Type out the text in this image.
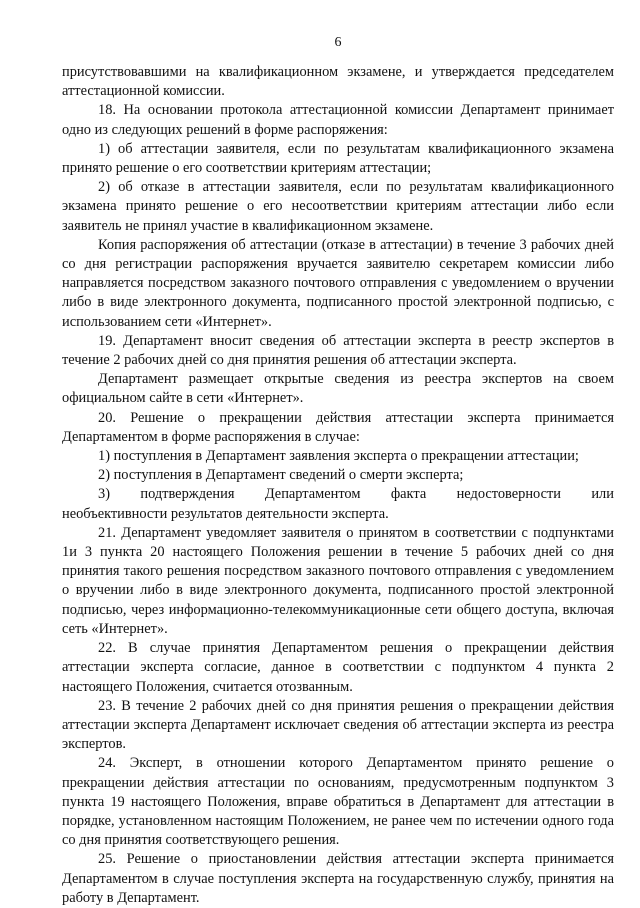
6

присутствовавшими на квалификационном экзамене, и утверждается председателем аттестационной комиссии.

18. На основании протокола аттестационной комиссии Департамент принимает одно из следующих решений в форме распоряжения:

1) об аттестации заявителя, если по результатам квалификационного экзамена принято решение о его соответствии критериям аттестации;

2) об отказе в аттестации заявителя, если по результатам квалификационного экзамена принято решение о его несоответствии критериям аттестации либо если заявитель не принял участие в квалификационном экзамене.

Копия распоряжения об аттестации (отказе в аттестации) в течение 3 рабочих дней со дня регистрации распоряжения вручается заявителю секретарем комиссии либо направляется посредством заказного почтового отправления с уведомлением о вручении либо в виде электронного документа, подписанного простой электронной подписью, с использованием сети «Интернет».

19. Департамент вносит сведения об аттестации эксперта в реестр экспертов в течение 2 рабочих дней со дня принятия решения об аттестации эксперта.

Департамент размещает открытые сведения из реестра экспертов на своем официальном сайте в сети «Интернет».

20. Решение о прекращении действия аттестации эксперта принимается Департаментом в форме распоряжения в случае:

1) поступления в Департамент заявления эксперта о прекращении аттестации;

2) поступления в Департамент сведений о смерти эксперта;

3) подтверждения Департаментом факта недостоверности или

необъективности результатов деятельности эксперта.

21. Департамент уведомляет заявителя о принятом в соответствии с подпунктами 1и 3 пункта 20 настоящего Положения решении в течение 5 рабочих дней со дня принятия такого решения посредством заказного почтового отправления с уведомлением о вручении либо в виде электронного документа, подписанного простой электронной подписью, через информационно-телекоммуникационные сети общего доступа, включая сеть «Интернет».

22. В случае принятия Департаментом решения о прекращении действия аттестации эксперта согласие, данное в соответствии с подпунктом 4 пункта 2 настоящего Положения, считается отозванным.

23. В течение 2 рабочих дней со дня принятия решения о прекращении действия аттестации эксперта Департамент исключает сведения об аттестации эксперта из реестра экспертов.

24. Эксперт, в отношении которого Департаментом принято решение о прекращении действия аттестации по основаниям, предусмотренным подпунктом 3 пункта 19 настоящего Положения, вправе обратиться в Департамент для аттестации в порядке, установленном настоящим Положением, не ранее чем по истечении одного года со дня принятия соответствующего решения.

25. Решение о приостановлении действия аттестации эксперта принимается Департаментом в случае поступления эксперта на государственную службу, принятия на работу в Департамент.
